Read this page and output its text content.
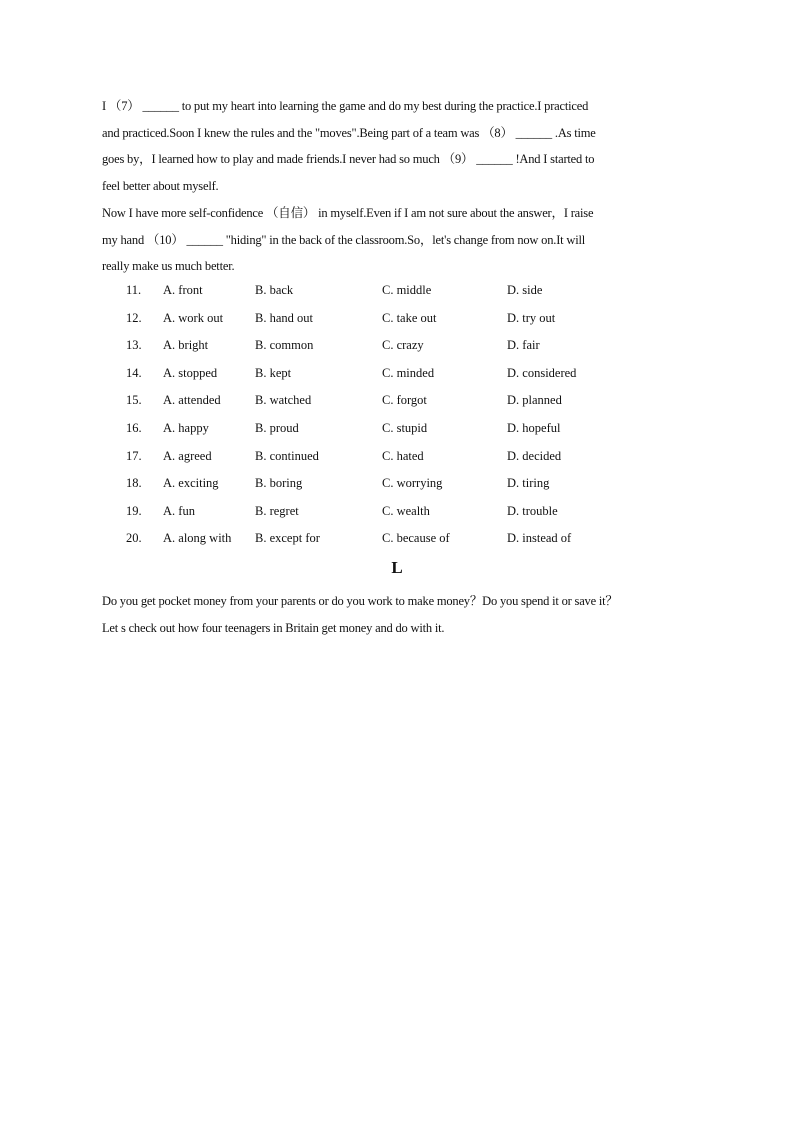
I （7） ______ to put my heart into learning the game and do my best during the practice.I practiced

and practiced.Soon I knew the rules and the "moves".Being part of a team was （8） ______ .As time

goes by，I learned how to play and made friends.I never had so much （9） ______ !And I started to

feel better about myself.

Now I have more self-confidence （自信） in myself.Even if I am not sure about the answer，I raise

my hand （10） ______ "hiding" in the back of the classroom.So，let's change from now on.It will

really make us much better.

11. A. front	B. back	C. middle	D. side
12. A. work out	B. hand out	C. take out	D. try out
13. A. bright	B. common	C. crazy	D. fair
14. A. stopped	B. kept	C. minded	D. considered
15. A. attended	B. watched	C. forgot	D. planned
16. A. happy	B. proud	C. stupid	D. hopeful
17. A. agreed	B. continued	C. hated	D. decided
18. A. exciting	B. boring	C. worrying	D. tiring
19. A. fun	B. regret	C. wealth	D. trouble
20. A. along with B. except for	C. because of	D. instead of
L

Do you get pocket money from your parents or do you work to make money？Do you spend it or save it？

Let s check out how four teenagers in Britain get money and do with it.
